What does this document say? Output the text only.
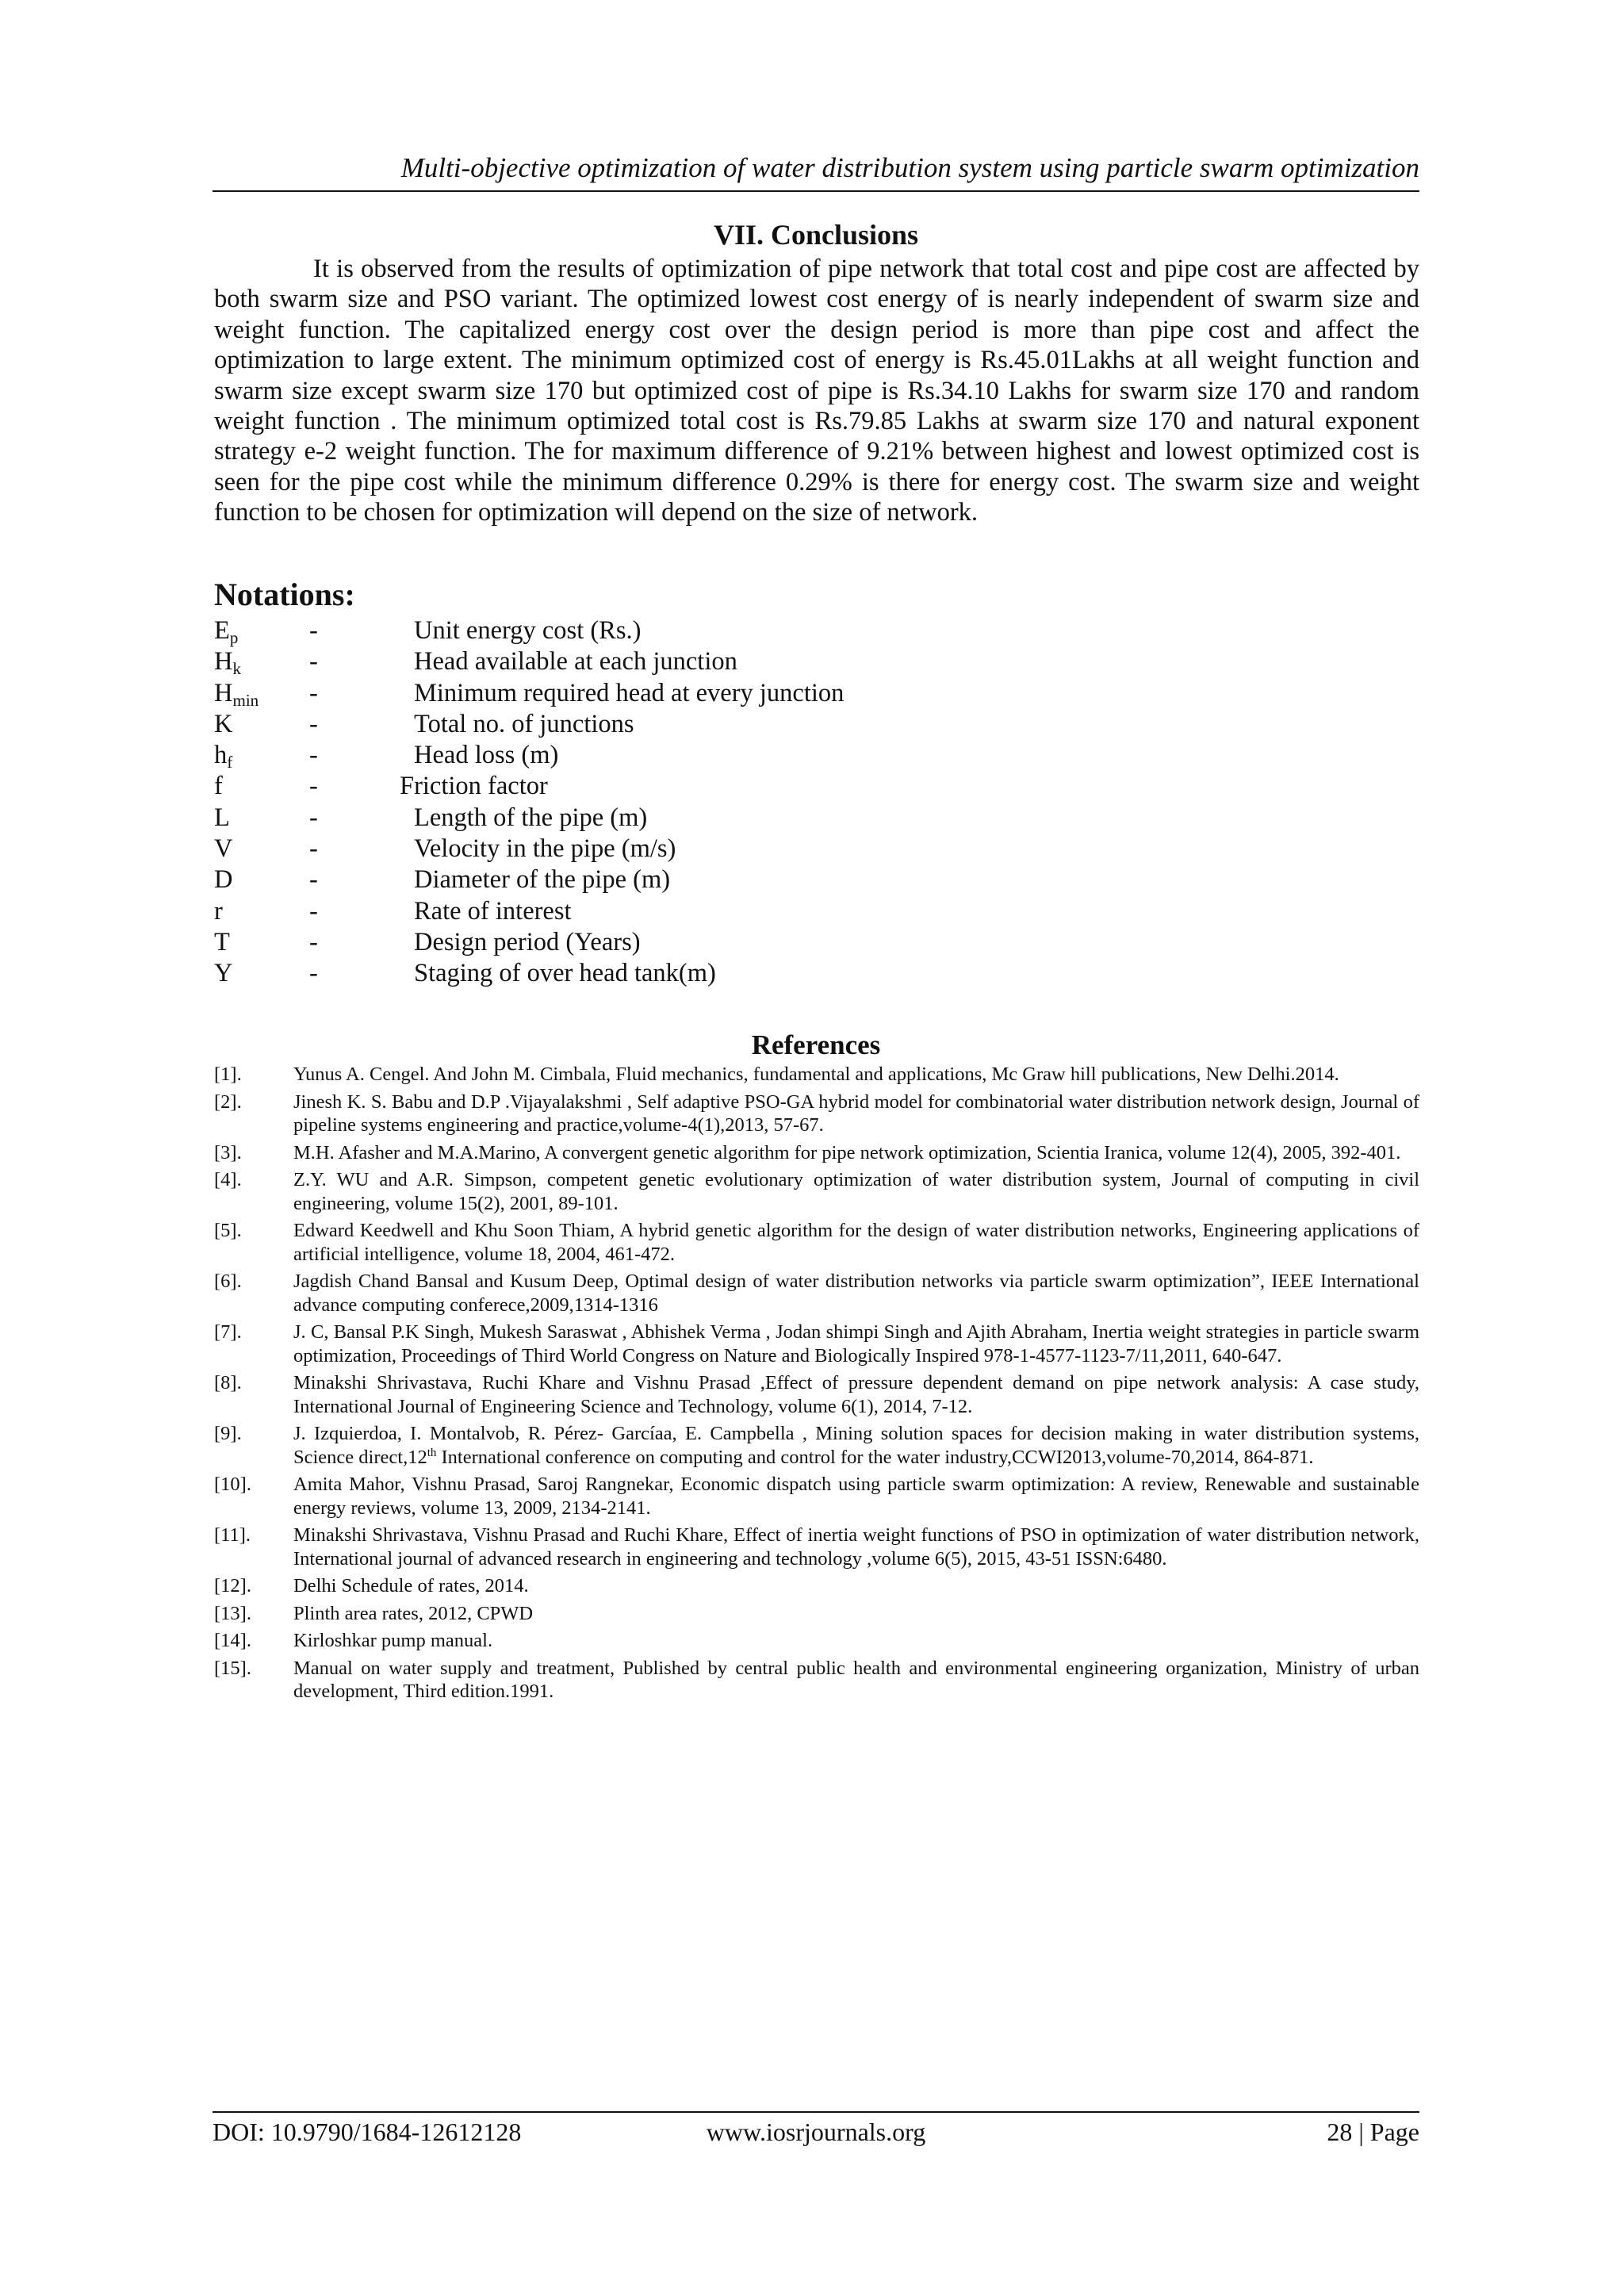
Multi-objective optimization of water distribution system using particle swarm optimization
VII. Conclusions

It is observed from the results of optimization of pipe network that total cost and pipe cost are affected by both swarm size and PSO variant. The optimized lowest cost energy of is nearly independent of swarm size and weight function. The capitalized energy cost over the design period is more than pipe cost and affect the optimization to large extent. The minimum optimized cost of energy is Rs.45.01Lakhs at all weight function and swarm size except swarm size 170 but optimized cost of pipe is Rs.34.10 Lakhs for swarm size 170 and random weight function . The minimum optimized total cost is Rs.79.85 Lakhs at swarm size 170 and natural exponent strategy e-2 weight function. The for maximum difference of 9.21% between highest and lowest optimized cost is seen for the pipe cost while the minimum difference 0.29% is there for energy cost. The swarm size and weight function to be chosen for optimization will depend on the size of network.

Notations:
$E_p$	-	Unit energy cost (Rs.)
$H_k$	-	Head available at each junction
$H_{min}$ -	Minimum required head at every junction
K	-	Total no. of junctions
$h_f$	-	Head loss (m)
f	-	Friction factor
L	-	Length of the pipe (m)
V	-	Velocity in the pipe (m/s)
D	-	Diameter of the pipe (m)
r	-	Rate of interest
T	-	Design period (Years)
Y	-	Staging of over head tank(m)
References
[1].	Yunus A. Cengel. And John M. Cimbala, Fluid mechanics, fundamental and applications, Mc Graw hill publications, New Delhi.2014.
[2].	Jinesh K. S. Babu and D.P .Vijayalakshmi , Self adaptive PSO-GA hybrid model for combinatorial water distribution network design, Journal of pipeline systems engineering and practice,volume-4(1),2013, 57-67.
[3].	M.H. Afasher and M.A.Marino, A convergent genetic algorithm for pipe network optimization, Scientia Iranica, volume 12(4), 2005, 392-401.
[4].	Z.Y. WU and A.R. Simpson, competent genetic evolutionary optimization of water distribution system, Journal of computing in civil engineering, volume 15(2), 2001, 89-101.
[5].	Edward Keedwell and Khu Soon Thiam, A hybrid genetic algorithm for the design of water distribution networks, Engineering applications of artificial intelligence, volume 18, 2004, 461-472.
[6].	Jagdish Chand Bansal and Kusum Deep, Optimal design of water distribution networks via particle swarm optimization”, IEEE International advance computing conferece,2009,1314-1316
[7].	J. C, Bansal P.K Singh, Mukesh Saraswat , Abhishek Verma , Jodan shimpi Singh and Ajith Abraham, Inertia weight strategies in particle swarm optimization, Proceedings of Third World Congress on Nature and Biologically Inspired 978-1-4577-1123-7/11,2011, 640-647.
[8].	Minakshi Shrivastava, Ruchi Khare and Vishnu Prasad ,Effect of pressure dependent demand on pipe network analysis: A case study, International Journal of Engineering Science and Technology, volume 6(1), 2014, 7-12.
[9].	J. Izquierdoa, I. Montalvob, R. Pérez- Garcíaa, E. Campbella , Mining solution spaces for decision making in water distribution systems, Science direct,12th International conference on computing and control for the water industry,CCWI2013,volume-70,2014, 864-871.
[10]. Amita Mahor, Vishnu Prasad, Saroj Rangnekar, Economic dispatch using particle swarm optimization: A review, Renewable and sustainable energy reviews, volume 13, 2009, 2134-2141.
[11]. Minakshi Shrivastava, Vishnu Prasad and Ruchi Khare, Effect of inertia weight functions of PSO in optimization of water distribution network, International journal of advanced research in engineering and technology ,volume 6(5), 2015, 43-51 ISSN:6480.
[12]. Delhi Schedule of rates, 2014.
[13]. Plinth area rates, 2012, CPWD
[14]. Kirloshkar pump manual.
[15]. Manual on water supply and treatment, Published by central public health and environmental engineering organization, Ministry of urban development, Third edition.1991.
DOI: 10.9790/1684-12612128	www.iosrjournals.org	28 | Page
